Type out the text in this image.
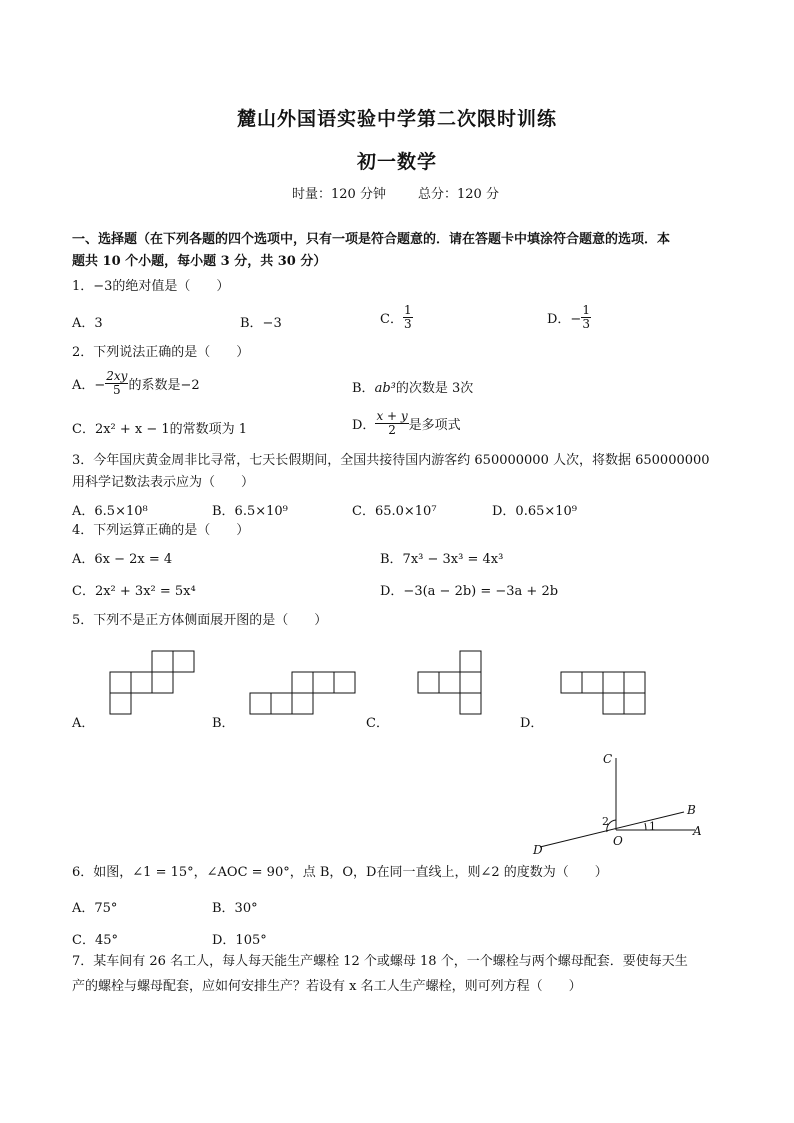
麓山外国语实验中学第二次限时训练
初一数学
时量：120 分钟 总分：120 分
一、选择题（在下列各题的四个选项中，只有一项是符合题意的．请在答题卡中填涂符合题意的选项．本
题共 10 个小题，每小题 3 分，共 30 分）
1．−3的绝对值是（　　）
A．3	B．−3	C． $\frac{1}{3}$	D．− $\frac{1}{3}$
2．下列说法正确的是（　　）
A．− $\frac{2xy}{5}$ 的系数是−2	B．ab³的次数是 3次
C．2x² + x − 1的常数项为 1	D． $\frac{x + y}{2}$ 是多项式
3．今年国庆黄金周非比寻常，七天长假期间，全国共接待国内游客约 650000000 人次，将数据 650000000
用科学记数法表示应为（　　）
A．6.5×10⁸	B．6.5×10⁹	C．65.0×10⁷	D．0.65×10⁹
4．下列运算正确的是（　　）
A．6x − 2x = 4	B．7x³ − 3x³ = 4x³
C．2x² + 3x² = 5x⁴	D．−3(a − 2b) = −3a + 2b
5．下列不是正方体侧面展开图的是（　　）
A．	B．	C．	D．
C
B
A
D
O
1
2
6．如图，∠1 = 15°，∠AOC = 90°，点 B，O，D在同一直线上，则∠2 的度数为（　　）
A．75°	B．30°
C．45°	D．105°
7．某车间有 26 名工人，每人每天能生产螺栓 12 个或螺母 18 个，一个螺栓与两个螺母配套．要使每天生
产的螺栓与螺母配套，应如何安排生产？若设有 x 名工人生产螺栓，则可列方程（　　）
